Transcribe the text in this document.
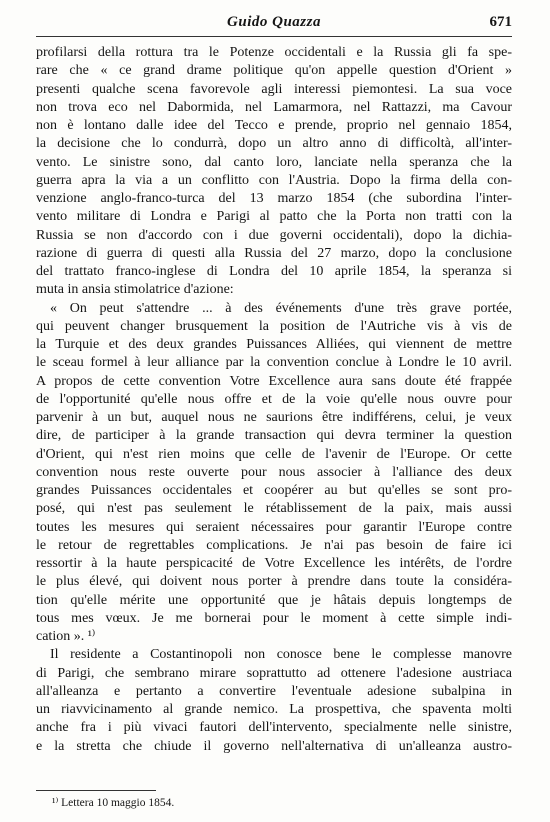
Guido Quazza	671
profilarsi della rottura tra le Potenze occidentali e la Russia gli fa spe-
rare che « ce grand drame politique qu'on appelle question d'Orient »
presenti qualche scena favorevole agli interessi piemontesi. La sua voce
non trova eco nel Dabormida, nel Lamarmora, nel Rattazzi, ma Cavour
non è lontano dalle idee del Tecco e prende, proprio nel gennaio 1854,
la decisione che lo condurrà, dopo un altro anno di difficoltà, all'inter-
vento. Le sinistre sono, dal canto loro, lanciate nella speranza che la
guerra apra la via a un conflitto con l'Austria. Dopo la firma della con-
venzione anglo-franco-turca del 13 marzo 1854 (che subordina l'inter-
vento militare di Londra e Parigi al patto che la Porta non tratti con la
Russia se non d'accordo con i due governi occidentali), dopo la dichia-
razione di guerra di questi alla Russia del 27 marzo, dopo la conclusione
del trattato franco-inglese di Londra del 10 aprile 1854, la speranza si
muta in ansia stimolatrice d'azione:
« On peut s'attendre ... à des événements d'une très grave portée,
qui peuvent changer brusquement la position de l'Autriche vis à vis de
la Turquie et des deux grandes Puissances Alliées, qui viennent de mettre
le sceau formel à leur alliance par la convention conclue à Londre le 10 avril.
A propos de cette convention Votre Excellence aura sans doute été frappée
de l'opportunité qu'elle nous offre et de la voie qu'elle nous ouvre pour
parvenir à un but, auquel nous ne saurions être indifférens, celui, je veux
dire, de participer à la grande transaction qui devra terminer la question
d'Orient, qui n'est rien moins que celle de l'avenir de l'Europe. Or cette
convention nous reste ouverte pour nous associer à l'alliance des deux
grandes Puissances occidentales et coopérer au but qu'elles se sont pro-
posé, qui n'est pas seulement le rétablissement de la paix, mais aussi
toutes les mesures qui seraient nécessaires pour garantir l'Europe contre
le retour de regrettables complications. Je n'ai pas besoin de faire ici
ressortir à la haute perspicacité de Votre Excellence les intérêts, de l'ordre
le plus élevé, qui doivent nous porter à prendre dans toute la considéra-
tion qu'elle mérite une opportunité que je hâtais depuis longtemps de
tous mes vœux. Je me bornerai pour le moment à cette simple indi-
cation ». ¹⁾
Il residente a Costantinopoli non conosce bene le complesse manovre
di Parigi, che sembrano mirare soprattutto ad ottenere l'adesione austriaca
all'alleanza e pertanto a convertire l'eventuale adesione subalpina in
un riavvicinamento al grande nemico. La prospettiva, che spaventa molti
anche fra i più vivaci fautori dell'intervento, specialmente nelle sinistre,
e la stretta che chiude il governo nell'alternativa di un'alleanza austro-
¹⁾ Lettera 10 maggio 1854.
